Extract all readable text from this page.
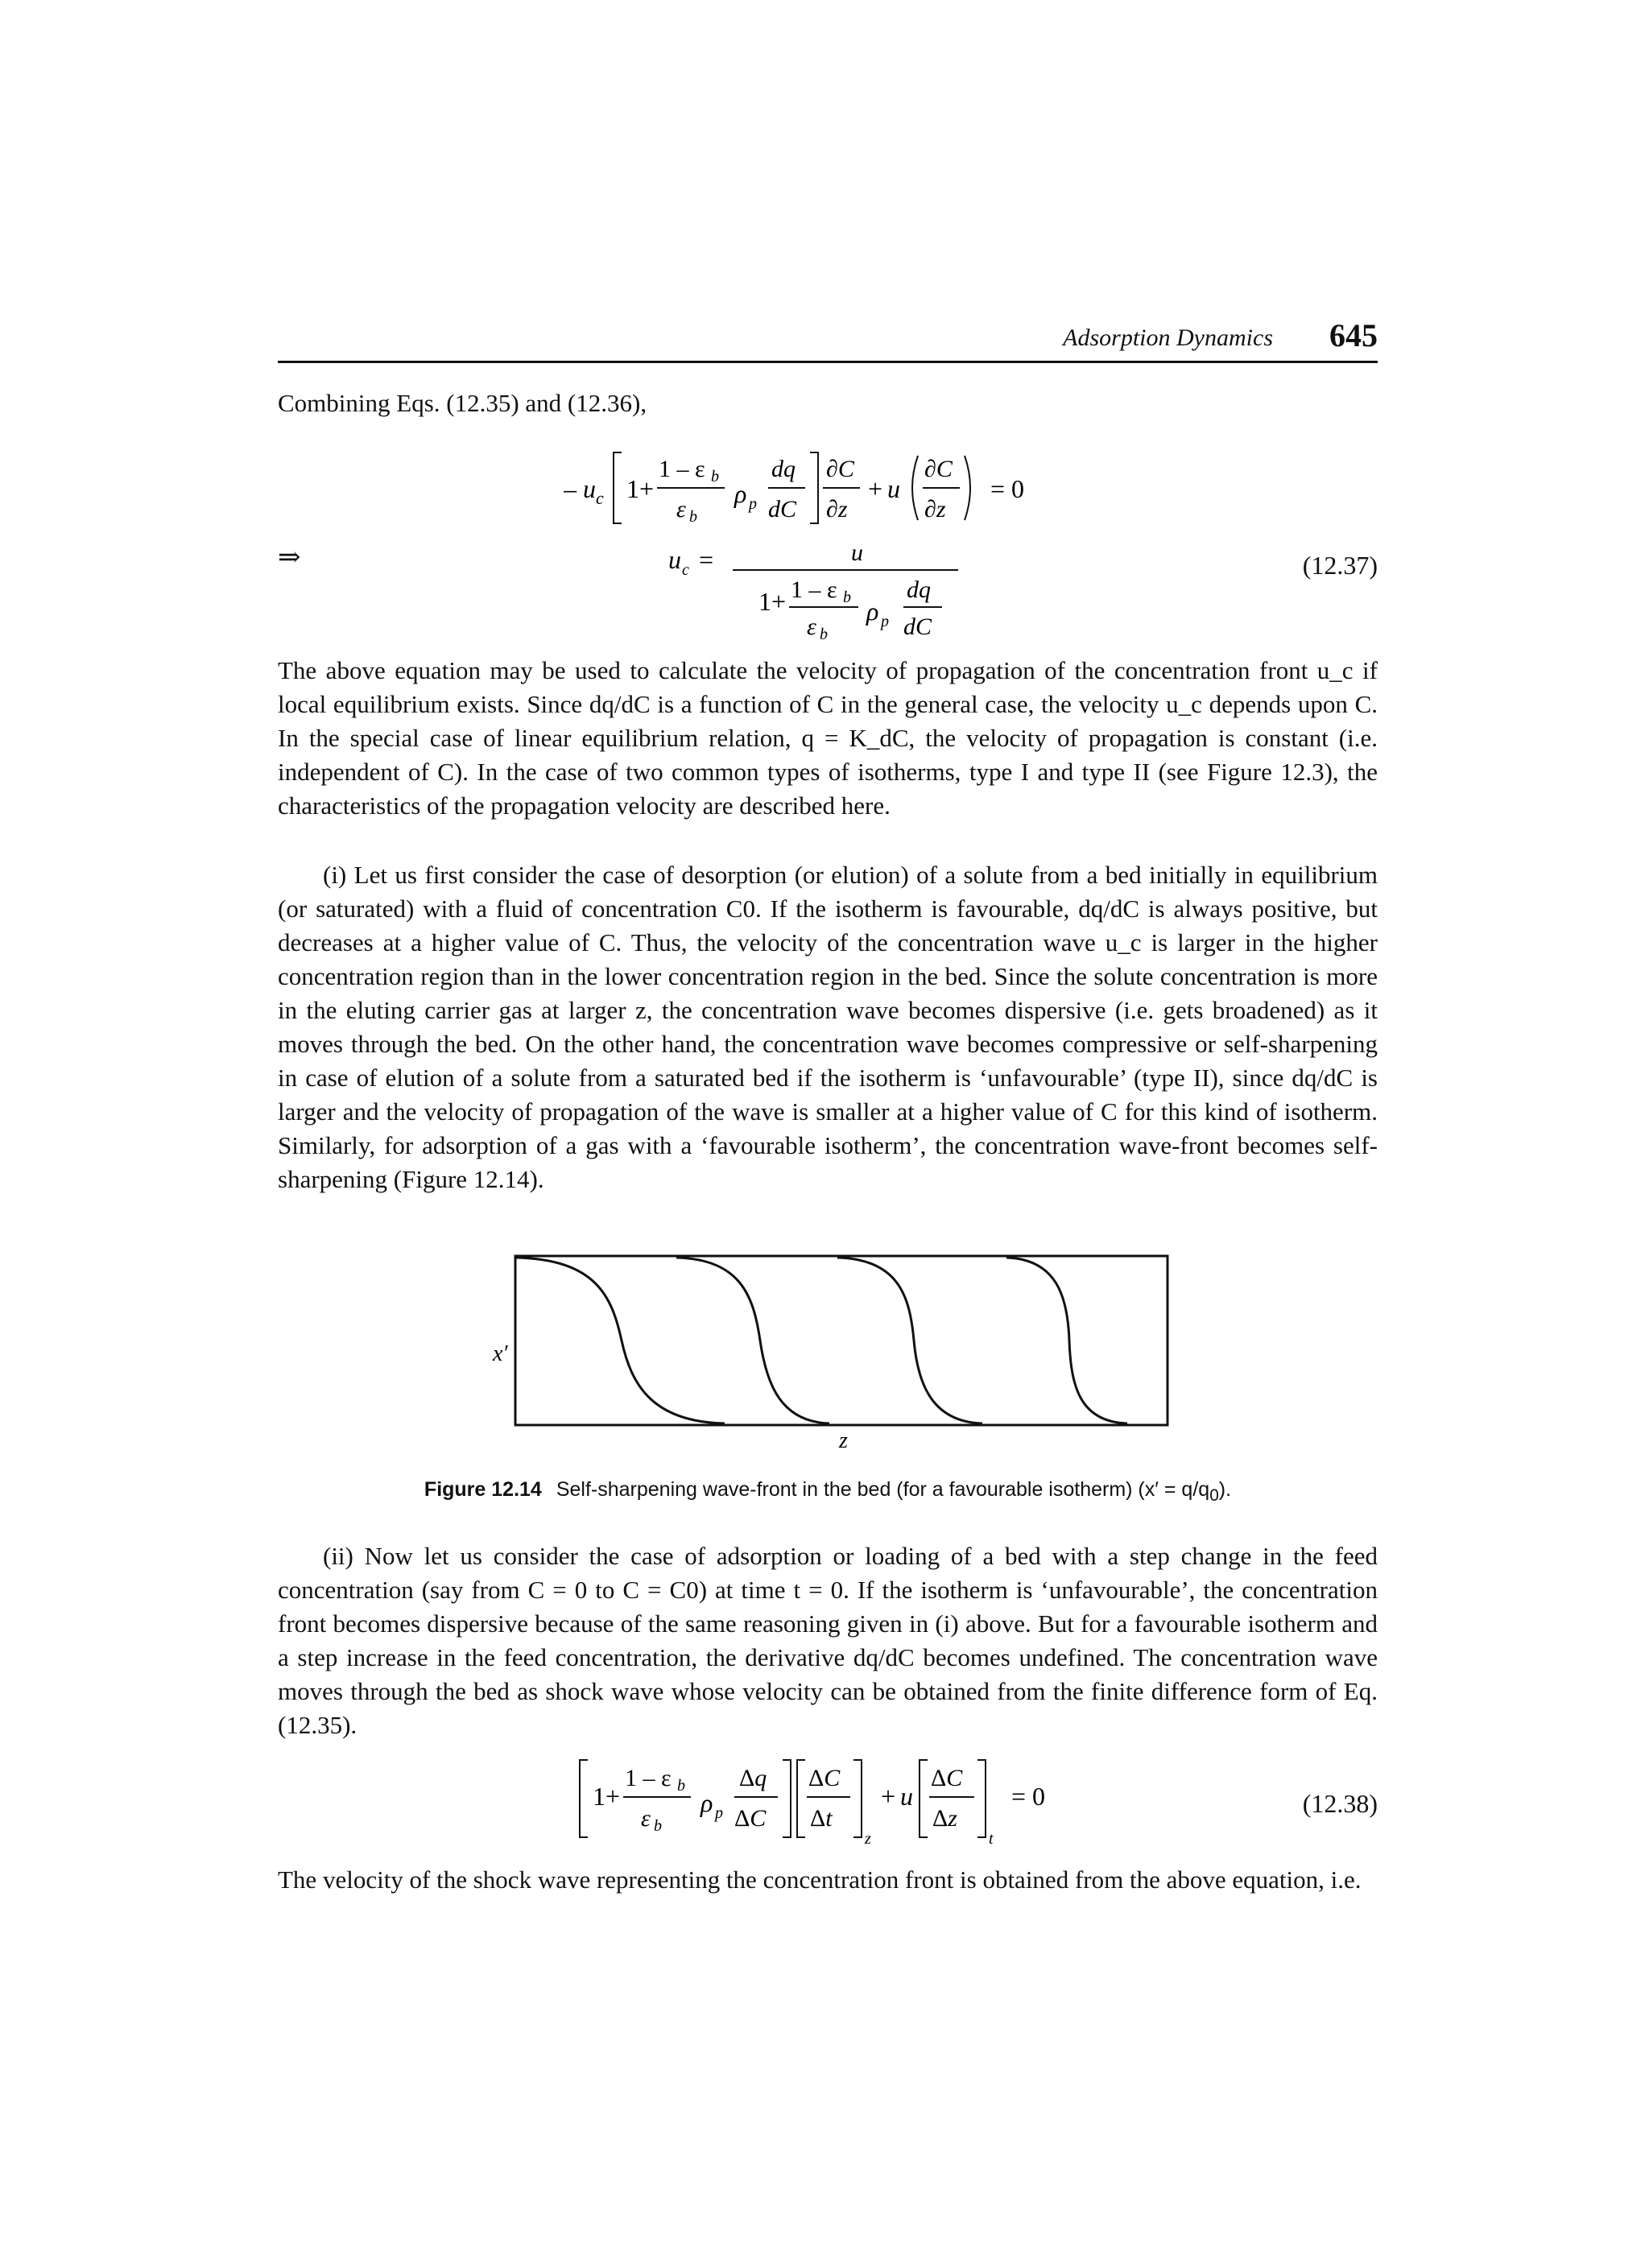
Adsorption Dynamics 645

Combining Eqs. (12.35) and (12.36),

– u c 1+
1 – ε b
ε b
ρ p
dq
dC
∂C
∂z
+ u
∂C
∂z
= 0
⇒	u c =	u
1+ 1 – ε b
ε b
ρ p
dq
dC
(12.37)

The above equation may be used to calculate the velocity of propagation of the concentration front u_c if local equilibrium exists. Since dq/dC is a function of C in the general case, the velocity u_c depends upon C. In the special case of linear equilibrium relation, q = K_dC, the velocity of propagation is constant (i.e. independent of C). In the case of two common types of isotherms, type I and type II (see Figure 12.3), the characteristics of the propagation velocity are described here.

(i) Let us first consider the case of desorption (or elution) of a solute from a bed initially in equilibrium (or saturated) with a fluid of concentration C0. If the isotherm is favourable, dq/dC is always positive, but decreases at a higher value of C. Thus, the velocity of the concentration wave u_c is larger in the higher concentration region than in the lower concentration region in the bed. Since the solute concentration is more in the eluting carrier gas at larger z, the concentration wave becomes dispersive (i.e. gets broadened) as it moves through the bed. On the other hand, the concentration wave becomes compressive or self-sharpening in case of elution of a solute from a saturated bed if the isotherm is ‘unfavourable’ (type II), since dq/dC is larger and the velocity of propagation of the wave is smaller at a higher value of C for this kind of isotherm. Similarly, for adsorption of a gas with a ‘favourable isotherm’, the concentration wave-front becomes self-sharpening (Figure 12.14).

x′
z
Figure 12.14 Self-sharpening wave-front in the bed (for a favourable isotherm) $(x' = q/q_0)$.

(ii) Now let us consider the case of adsorption or loading of a bed with a step change in the feed concentration (say from C = 0 to C = C0) at time t = 0. If the isotherm is ‘unfavourable’, the concentration front becomes dispersive because of the same reasoning given in (i) above. But for a favourable isotherm and a step increase in the feed concentration, the derivative dq/dC becomes undefined. The concentration wave moves through the bed as shock wave whose velocity can be obtained from the finite difference form of Eq. (12.35).

1+
1 – ε b
ε b
ρ p
Δq
ΔC
ΔC
Δt
z
+ u
ΔC
Δz
t
= 0	(12.38)

The velocity of the shock wave representing the concentration front is obtained from the above equation, i.e.
